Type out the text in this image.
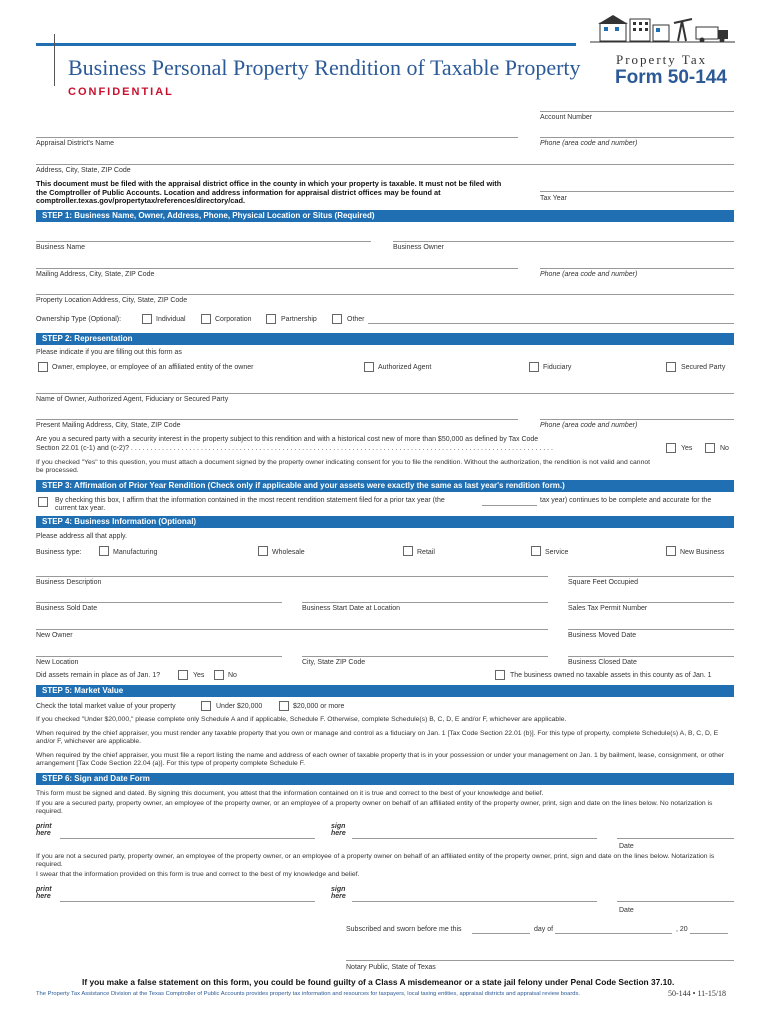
Business Personal Property Rendition of Taxable Property
CONFIDENTIAL
Property Tax
Form 50-144
Account Number
Appraisal District's Name	Phone (area code and number)
Address, City, State, ZIP Code
This document must be filed with the appraisal district office in the county in which your property is taxable. It must not be filed with the Comptroller of Public Accounts. Location and address information for appraisal district offices may be found at comptroller.texas.gov/propertytax/references/directory/cad.	Tax Year
STEP 1: Business Name, Owner, Address, Phone, Physical Location or Situs (Required)
Business Name	Business Owner
Mailing Address, City, State, ZIP Code	Phone (area code and number)
Property Location Address, City, State, ZIP Code
Ownership Type (Optional):	Individual	Corporation	Partnership	Other
STEP 2: Representation
Please indicate if you are filling out this form as
Owner, employee, or employee of an affiliated entity of the owner	Authorized Agent	Fiduciary	Secured Party
Name of Owner, Authorized Agent, Fiduciary or Secured Party
Present Mailing Address, City, State, ZIP Code	Phone (area code and number)
Are you a secured party with a security interest in the property subject to this rendition and with a historical cost new of more than $50,000 as defined by Tax Code
Section 22.01 (c-1) and (c-2)? . . . . . . . . . . . . . . . . . . . . . . . . . . . . . . . . . . . . . . . . . . . . . . . . . . . . . . . . . . . . . . . . . . . . . . . . . . . . . . . . . . . . . . . . . . . . . . . . . . . . . . . . . . . . .	Yes	No
If you checked "Yes" to this question, you must attach a document signed by the property owner indicating consent for you to file the rendition. Without the authorization, the rendition is not valid and cannot be processed.
STEP 3: Affirmation of Prior Year Rendition (Check only if applicable and your assets were exactly the same as last year's rendition form.)
By checking this box, I affirm that the information contained in the most recent rendition statement filed for a prior tax year (the	tax year) continues to be complete and accurate for the
current tax year.
STEP 4: Business Information (Optional)
Please address all that apply.
Business type:	Manufacturing	Wholesale	Retail	Service	New Business
Business Description	Square Feet Occupied
Business Sold Date	Business Start Date at Location	Sales Tax Permit Number
New Owner	Business Moved Date
New Location	City, State ZIP Code	Business Closed Date
Did assets remain in place as of Jan. 1?	Yes	No	The business owned no taxable assets in this county as of Jan. 1
STEP 5: Market Value
Check the total market value of your property	Under $20,000	$20,000 or more
If you checked "Under $20,000," please complete only Schedule A and if applicable, Schedule F. Otherwise, complete Schedule(s) B, C, D, E and/or F, whichever are applicable.
When required by the chief appraiser, you must render any taxable property that you own or manage and control as a fiduciary on Jan. 1 [Tax Code Section 22.01 (b)]. For this type of property, complete Schedule(s) A, B, C, D, E and/or F, whichever are applicable.
When required by the chief appraiser, you must file a report listing the name and address of each owner of taxable property that is in your possession or under your management on Jan. 1 by bailment, lease, consignment, or other arrangement [Tax Code Section 22.04 (a)]. For this type of property complete Schedule F.
STEP 6: Sign and Date Form
This form must be signed and dated. By signing this document, you attest that the information contained on it is true and correct to the best of your knowledge and belief.
If you are a secured party, property owner, an employee of the property owner, or an employee of a property owner on behalf of an affiliated entity of the property owner, print, sign and date on the lines below. No notarization is required.
print
here
sign
here
Date
If you are not a secured party, property owner, an employee of the property owner, or an employee of a property owner on behalf of an affiliated entity of the property owner, print, sign and date on the lines below. Notarization is required.
I swear that the information provided on this form is true and correct to the best of my knowledge and belief.
print
here
sign
here
Date
Subscribed and sworn before me this	day of	, 20
Notary Public, State of Texas
If you make a false statement on this form, you could be found guilty of a Class A misdemeanor or a state jail felony under Penal Code Section 37.10.
The Property Tax Assistance Division at the Texas Comptroller of Public Accounts provides property tax information and resources for taxpayers, local taxing entities, appraisal districts and appraisal review boards.	50-144 • 11-15/18
